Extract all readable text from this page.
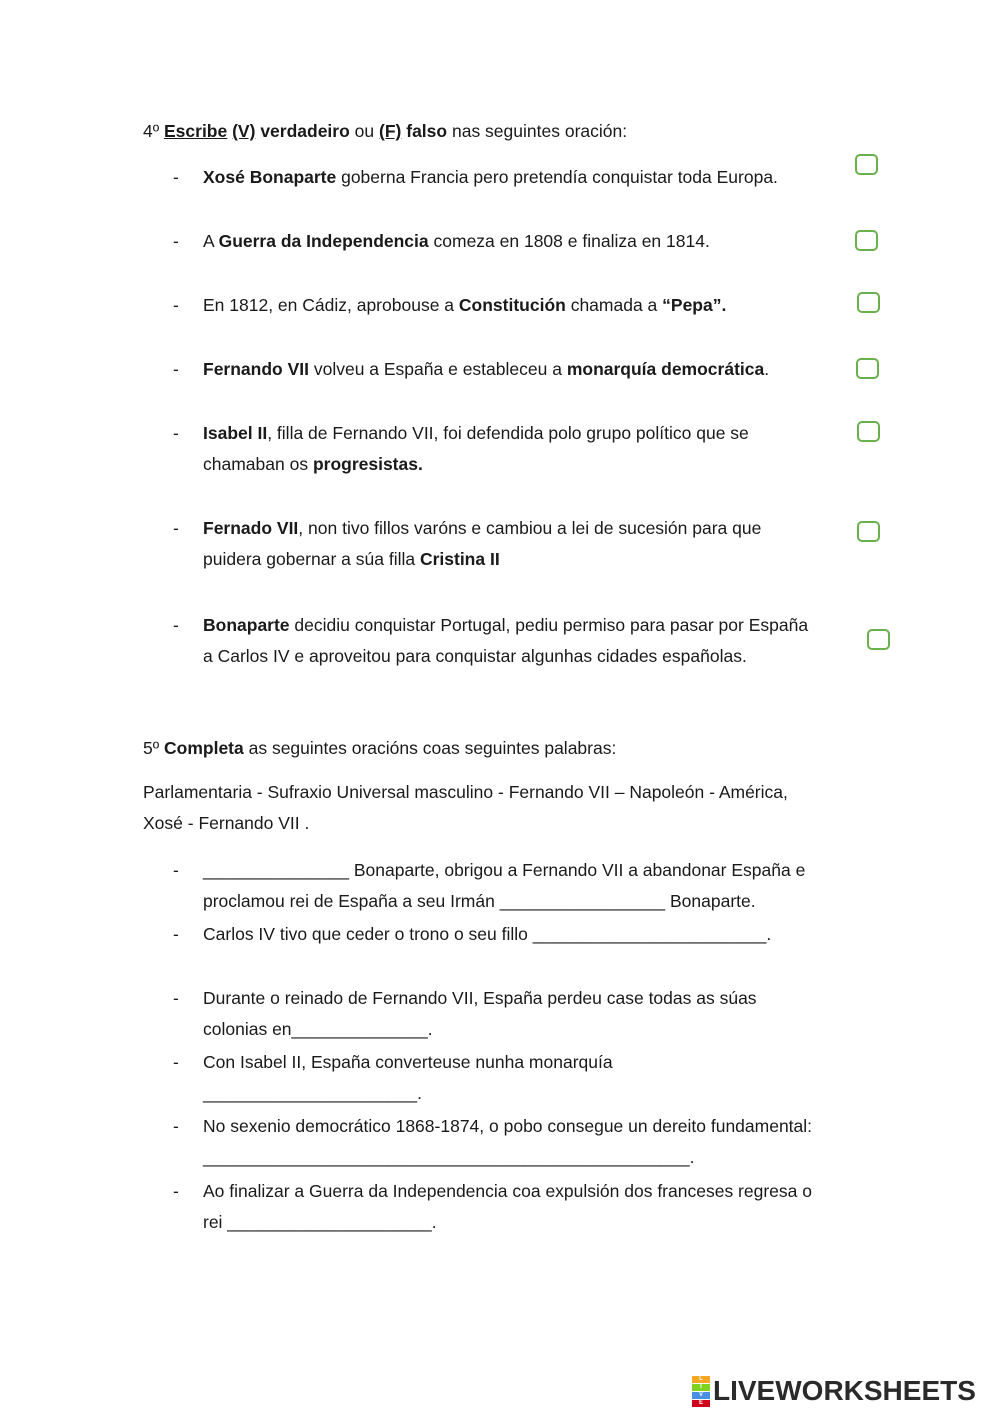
4º Escribe (V) verdadeiro ou (F) falso nas seguintes oración:
- Xosé Bonaparte goberna Francia pero pretendía conquistar toda Europa.
- A Guerra da Independencia comeza en 1808 e finaliza en 1814.
- En 1812, en Cádiz, aprobouse a Constitución chamada a “Pepa”.
- Fernando VII volveu a España e estableceu a monarquía democrática.
- Isabel II, filla de Fernando VII, foi defendida polo grupo político que se
chamaban os progresistas.
- Fernado VII, non tivo fillos varóns e cambiou a lei de sucesión para que
puidera gobernar a súa filla Cristina II
- Bonaparte decidiu conquistar Portugal, pediu permiso para pasar por España
a Carlos IV e aproveitou para conquistar algunhas cidades españolas.
5º Completa as seguintes oracións coas seguintes palabras:
Parlamentaria - Sufraxio Universal masculino - Fernando VII – Napoleón - América,
Xosé - Fernando VII .
- _______________ Bonaparte, obrigou a Fernando VII a abandonar España e
proclamou rei de España a seu Irmán _________________ Bonaparte.
- Carlos IV tivo que ceder o trono o seu fillo ________________________.
- Durante o reinado de Fernando VII, España perdeu case todas as súas
colonias en______________.
- Con Isabel II, España converteuse nunha monarquía
______________________.
- No sexenio democrático 1868-1874, o pobo consegue un dereito fundamental:
__________________________________________________.
- Ao finalizar a Guerra da Independencia coa expulsión dos franceses regresa o
rei _____________________.
L
I
V
E LIVEWORKSHEETS
